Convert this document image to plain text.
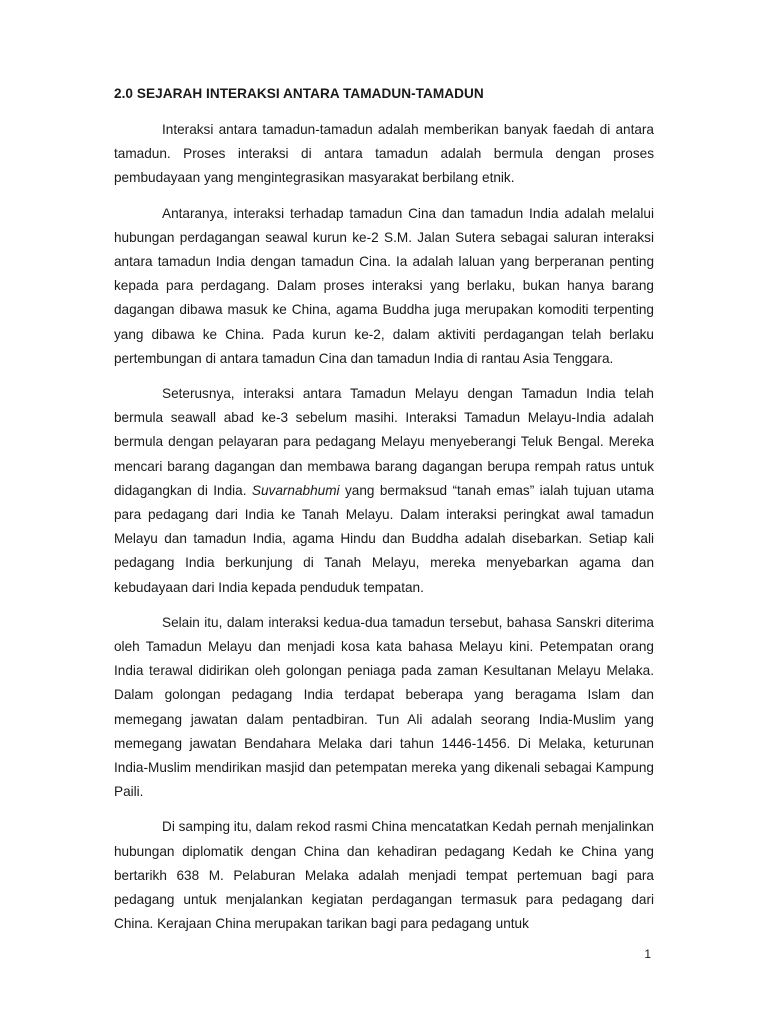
2.0 SEJARAH INTERAKSI ANTARA TAMADUN-TAMADUN

Interaksi antara tamadun-tamadun adalah memberikan banyak faedah di antara tamadun. Proses interaksi di antara tamadun adalah bermula dengan proses pembudayaan yang mengintegrasikan masyarakat berbilang etnik.

Antaranya, interaksi terhadap tamadun Cina dan tamadun India adalah melalui hubungan perdagangan seawal kurun ke-2 S.M. Jalan Sutera sebagai saluran interaksi antara tamadun India dengan tamadun Cina. Ia adalah laluan yang berperanan penting kepada para perdagang. Dalam proses interaksi yang berlaku, bukan hanya barang dagangan dibawa masuk ke China, agama Buddha juga merupakan komoditi terpenting yang dibawa ke China. Pada kurun ke-2, dalam aktiviti perdagangan telah berlaku pertembungan di antara tamadun Cina dan tamadun India di rantau Asia Tenggara.

Seterusnya, interaksi antara Tamadun Melayu dengan Tamadun India telah bermula seawall abad ke-3 sebelum masihi. Interaksi Tamadun Melayu-India adalah bermula dengan pelayaran para pedagang Melayu menyeberangi Teluk Bengal. Mereka mencari barang dagangan dan membawa barang dagangan berupa rempah ratus untuk didagangkan di India. Suvarnabhumi yang bermaksud “tanah emas” ialah tujuan utama para pedagang dari India ke Tanah Melayu. Dalam interaksi peringkat awal tamadun Melayu dan tamadun India, agama Hindu dan Buddha adalah disebarkan. Setiap kali pedagang India berkunjung di Tanah Melayu, mereka menyebarkan agama dan kebudayaan dari India kepada penduduk tempatan.

Selain itu, dalam interaksi kedua-dua tamadun tersebut, bahasa Sanskri diterima oleh Tamadun Melayu dan menjadi kosa kata bahasa Melayu kini. Petempatan orang India terawal didirikan oleh golongan peniaga pada zaman Kesultanan Melayu Melaka. Dalam golongan pedagang India terdapat beberapa yang beragama Islam dan memegang jawatan dalam pentadbiran. Tun Ali adalah seorang India-Muslim yang memegang jawatan Bendahara Melaka dari tahun 1446-1456. Di Melaka, keturunan India-Muslim mendirikan masjid dan petempatan mereka yang dikenali sebagai Kampung Paili.

Di samping itu, dalam rekod rasmi China mencatatkan Kedah pernah menjalinkan hubungan diplomatik dengan China dan kehadiran pedagang Kedah ke China yang bertarikh 638 M. Pelaburan Melaka adalah menjadi tempat pertemuan bagi para pedagang untuk menjalankan kegiatan perdagangan termasuk para pedagang dari China. Kerajaan China merupakan tarikan bagi para pedagang untuk

1
